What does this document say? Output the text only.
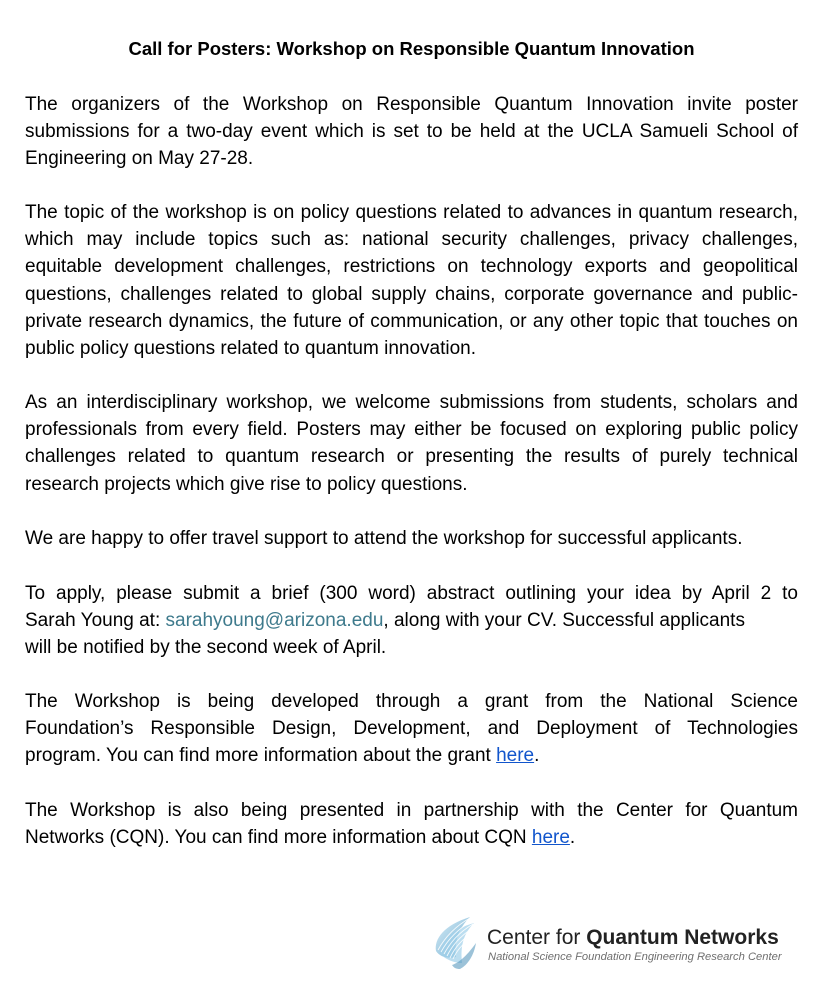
Call for Posters: Workshop on Responsible Quantum Innovation

The organizers of the Workshop on Responsible Quantum Innovation invite poster submissions for a two-day event which is set to be held at the UCLA Samueli School of Engineering on May 27-28.

The topic of the workshop is on policy questions related to advances in quantum research, which may include topics such as: national security challenges, privacy challenges, equitable development challenges, restrictions on technology exports and geopolitical questions, challenges related to global supply chains, corporate governance and public-private research dynamics, the future of communication, or any other topic that touches on public policy questions related to quantum innovation.

As an interdisciplinary workshop, we welcome submissions from students, scholars and professionals from every field. Posters may either be focused on exploring public policy challenges related to quantum research or presenting the results of purely technical research projects which give rise to policy questions.

We are happy to offer travel support to attend the workshop for successful applicants.

To apply, please submit a brief (300 word) abstract outlining your idea by April 2 to
Sarah Young at: sarahyoung@arizona.edu, along with your CV. Successful applicants
will be notified by the second week of April.

The Workshop is being developed through a grant from the National Science
Foundation’s Responsible Design, Development, and Deployment of Technologies
program. You can find more information about the grant here.

The Workshop is also being presented in partnership with the Center for Quantum
Networks (CQN). You can find more information about CQN here.

Center for Quantum Networks
National Science Foundation Engineering Research Center
